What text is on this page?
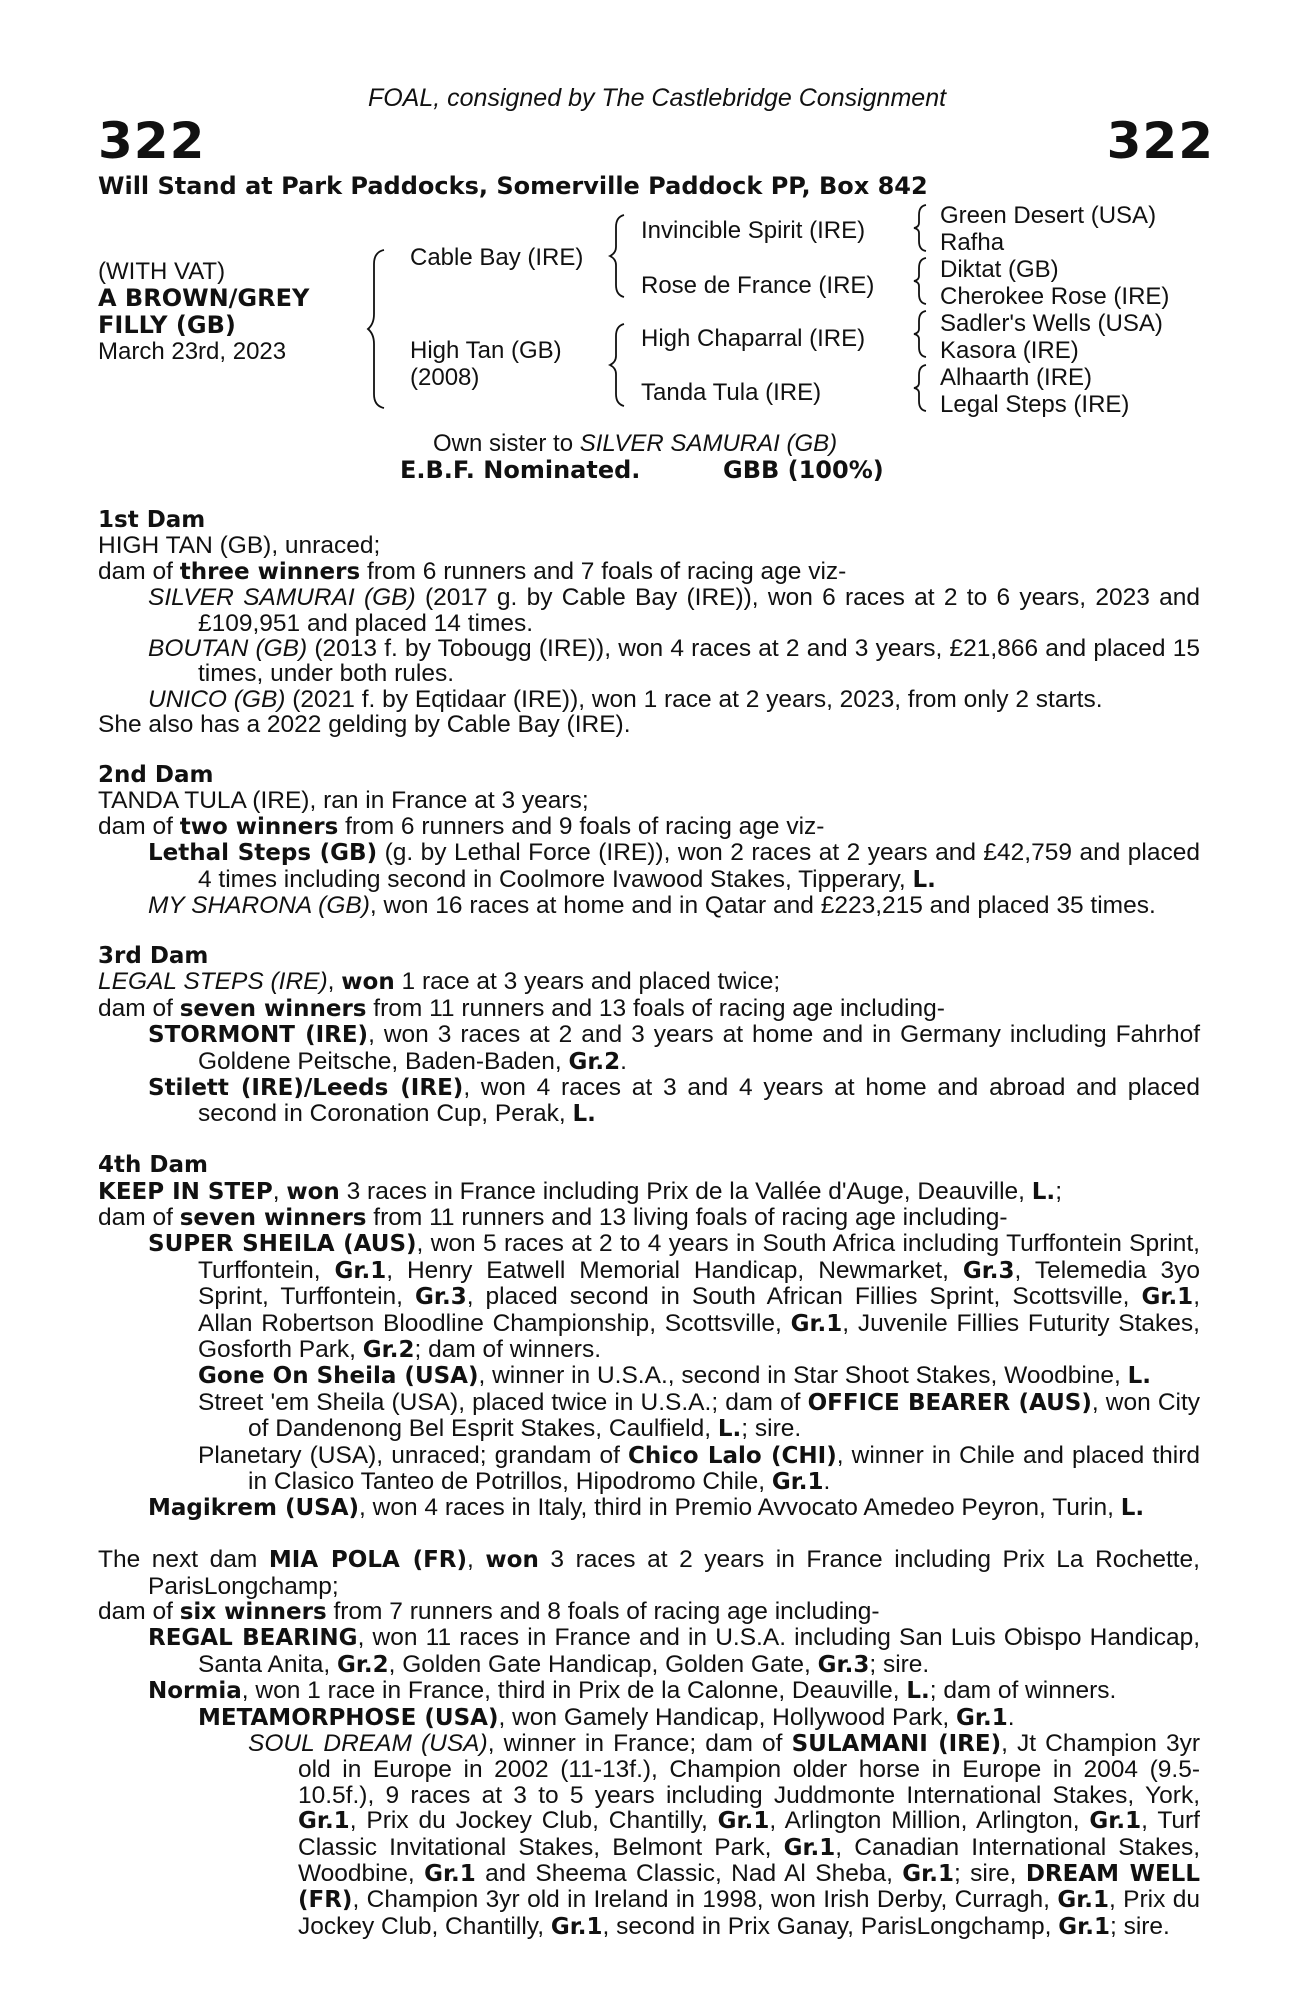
FOAL, consigned by The Castlebridge Consignment
322	322
Will Stand at Park Paddocks, Somerville Paddock PP, Box 842
(WITH VAT)
A BROWN/GREY
FILLY (GB)
March 23rd, 2023
Cable Bay (IRE)
High Tan (GB)
(2008)
Invincible Spirit (IRE)
Rose de France (IRE)
High Chaparral (IRE)
Tanda Tula (IRE)
Green Desert (USA)
Rafha
Diktat (GB)
Cherokee Rose (IRE)
Sadler's Wells (USA)
Kasora (IRE)
Alhaarth (IRE)
Legal Steps (IRE)
Own sister to SILVER SAMURAI (GB)
E.B.F. Nominated.	GBB (100%)

1st Dam

HIGH TAN (GB), unraced;

dam of three winners from 6 runners and 7 foals of racing age viz-

SILVER SAMURAI (GB) (2017 g. by Cable Bay (IRE)), won 6 races at 2 to 6 years, 2023 and £109,951 and placed 14 times.

BOUTAN (GB) (2013 f. by Tobougg (IRE)), won 4 races at 2 and 3 years, £21,866 and placed 15 times, under both rules.

UNICO (GB) (2021 f. by Eqtidaar (IRE)), won 1 race at 2 years, 2023, from only 2 starts.

She also has a 2022 gelding by Cable Bay (IRE).

2nd Dam

TANDA TULA (IRE), ran in France at 3 years;

dam of two winners from 6 runners and 9 foals of racing age viz-

Lethal Steps (GB) (g. by Lethal Force (IRE)), won 2 races at 2 years and £42,759 and placed 4 times including second in Coolmore Ivawood Stakes, Tipperary, L.

MY SHARONA (GB), won 16 races at home and in Qatar and £223,215 and placed 35 times.

3rd Dam

LEGAL STEPS (IRE), won 1 race at 3 years and placed twice;

dam of seven winners from 11 runners and 13 foals of racing age including-

STORMONT (IRE), won 3 races at 2 and 3 years at home and in Germany including Fahrhof Goldene Peitsche, Baden-Baden, Gr.2.

Stilett (IRE)/Leeds (IRE), won 4 races at 3 and 4 years at home and abroad and placed second in Coronation Cup, Perak, L.

4th Dam

KEEP IN STEP, won 3 races in France including Prix de la Vallée d'Auge, Deauville, L.;

dam of seven winners from 11 runners and 13 living foals of racing age including-

SUPER SHEILA (AUS), won 5 races at 2 to 4 years in South Africa including Turffontein Sprint, Turffontein, Gr.1, Henry Eatwell Memorial Handicap, Newmarket, Gr.3, Telemedia 3yo Sprint, Turffontein, Gr.3, placed second in South African Fillies Sprint, Scottsville, Gr.1, Allan Robertson Bloodline Championship, Scottsville, Gr.1, Juvenile Fillies Futurity Stakes, Gosforth Park, Gr.2; dam of winners.

Gone On Sheila (USA), winner in U.S.A., second in Star Shoot Stakes, Woodbine, L.

Street 'em Sheila (USA), placed twice in U.S.A.; dam of OFFICE BEARER (AUS), won City of Dandenong Bel Esprit Stakes, Caulfield, L.; sire.

Planetary (USA), unraced; grandam of Chico Lalo (CHI), winner in Chile and placed third in Clasico Tanteo de Potrillos, Hipodromo Chile, Gr.1.

Magikrem (USA), won 4 races in Italy, third in Premio Avvocato Amedeo Peyron, Turin, L.

The next dam MIA POLA (FR), won 3 races at 2 years in France including Prix La Rochette, ParisLongchamp;

dam of six winners from 7 runners and 8 foals of racing age including-

REGAL BEARING, won 11 races in France and in U.S.A. including San Luis Obispo Handicap, Santa Anita, Gr.2, Golden Gate Handicap, Golden Gate, Gr.3; sire.

Normia, won 1 race in France, third in Prix de la Calonne, Deauville, L.; dam of winners.

METAMORPHOSE (USA), won Gamely Handicap, Hollywood Park, Gr.1.

SOUL DREAM (USA), winner in France; dam of SULAMANI (IRE), Jt Champion 3yr old in Europe in 2002 (11-13f.), Champion older horse in Europe in 2004 (9.5-10.5f.), 9 races at 3 to 5 years including Juddmonte International Stakes, York, Gr.1, Prix du Jockey Club, Chantilly, Gr.1, Arlington Million, Arlington, Gr.1, Turf Classic Invitational Stakes, Belmont Park, Gr.1, Canadian International Stakes, Woodbine, Gr.1 and Sheema Classic, Nad Al Sheba, Gr.1; sire, DREAM WELL (FR), Champion 3yr old in Ireland in 1998, won Irish Derby, Curragh, Gr.1, Prix du Jockey Club, Chantilly, Gr.1, second in Prix Ganay, ParisLongchamp, Gr.1; sire.
